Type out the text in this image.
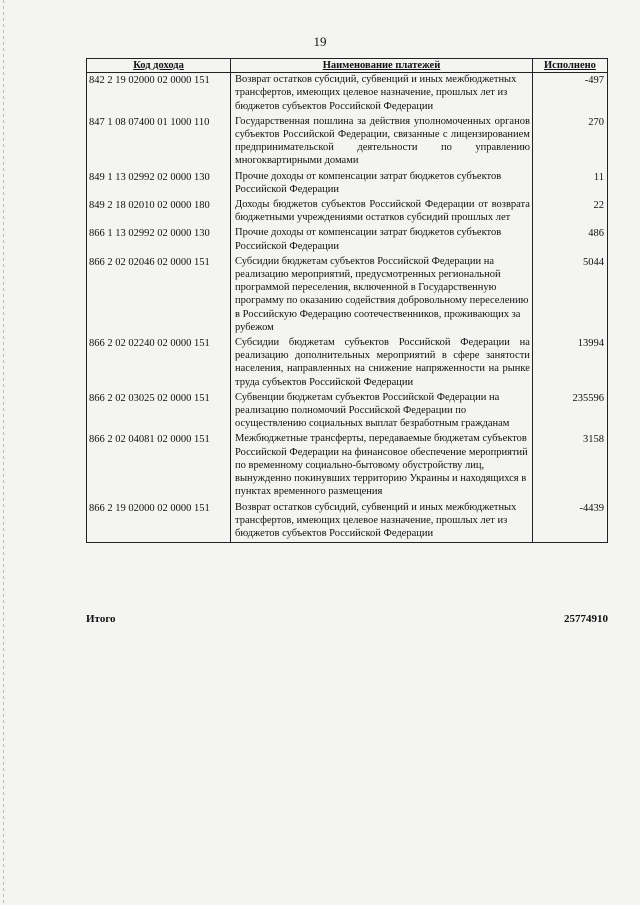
19
Код дохода	Наименование платежей	Исполнено
842 2 19 02000 02 0000 151	Возврат остатков субсидий, субвенций и иных межбюджетных трансфертов, имеющих целевое назначение, прошлых лет из бюджетов субъектов Российской Федерации	-497
847 1 08 07400 01 1000 110	Государственная пошлина за действия уполномоченных органов субъектов Российской Федерации, связанные с лицензированием предпринимательской деятельности по управлению многоквартирными домами	270
849 1 13 02992 02 0000 130	Прочие доходы от компенсации затрат бюджетов субъектов Российской Федерации	11
849 2 18 02010 02 0000 180	Доходы бюджетов субъектов Российской Федерации от возврата бюджетными учреждениями остатков субсидий прошлых лет	22
866 1 13 02992 02 0000 130	Прочие доходы от компенсации затрат бюджетов субъектов Российской Федерации	486
866 2 02 02046 02 0000 151	Субсидии бюджетам субъектов Российской Федерации на реализацию мероприятий, предусмотренных региональной программой переселения, включенной в Государственную программу по оказанию содействия добровольному переселению в Российскую Федерацию соотечественников, проживающих за рубежом	5044
866 2 02 02240 02 0000 151	Субсидии бюджетам субъектов Российской Федерации на реализацию дополнительных мероприятий в сфере занятости населения, направленных на снижение напряженности на рынке труда субъектов Российской Федерации	13994
866 2 02 03025 02 0000 151	Субвенции бюджетам субъектов Российской Федерации на реализацию полномочий Российской Федерации по осуществлению социальных выплат безработным гражданам	235596
866 2 02 04081 02 0000 151	Межбюджетные трансферты, передаваемые бюджетам субъектов Российской Федерации на финансовое обеспечение мероприятий по временному социально-бытовому обустройству лиц, вынужденно покинувших территорию Украины и находящихся в пунктах временного размещения	3158
866 2 19 02000 02 0000 151	Возврат остатков субсидий, субвенций и иных межбюджетных трансфертов, имеющих целевое назначение, прошлых лет из бюджетов субъектов Российской Федерации	-4439
Итого	25774910
